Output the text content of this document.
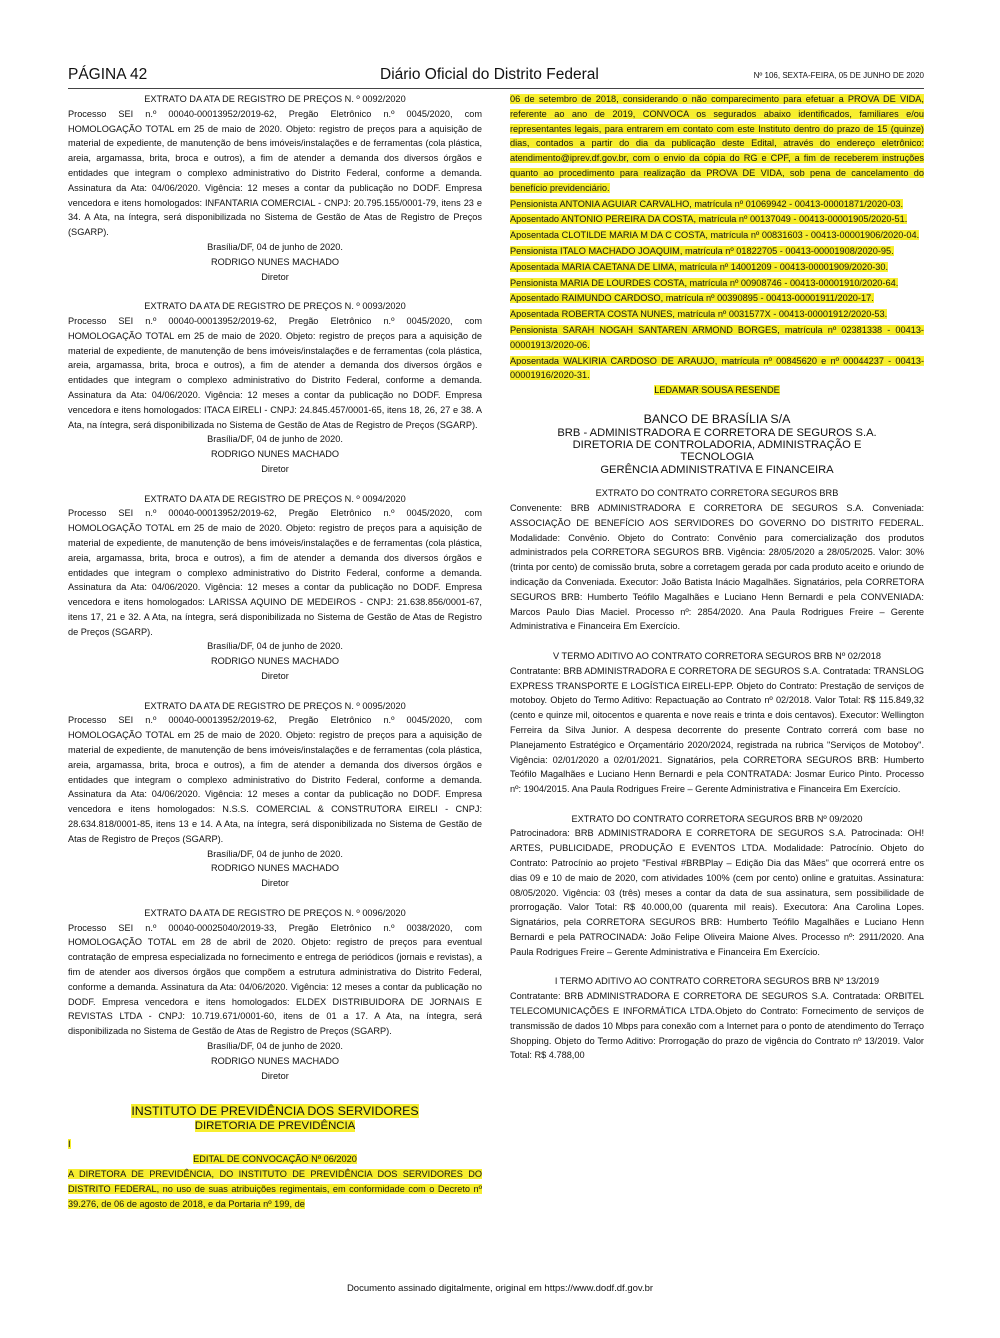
PÁGINA 42	Diário Oficial do Distrito Federal	Nº 106, SEXTA-FEIRA, 05 DE JUNHO DE 2020
EXTRATO DA ATA DE REGISTRO DE PREÇOS N. º 0092/2020
Processo SEI n.º 00040-00013952/2019-62, Pregão Eletrônico n.º 0045/2020, com HOMOLOGAÇÃO TOTAL em 25 de maio de 2020. Objeto: registro de preços para a aquisição de material de expediente, de manutenção de bens imóveis/instalações e de ferramentas (cola plástica, areia, argamassa, brita, broca e outros), a fim de atender a demanda dos diversos órgãos e entidades que integram o complexo administrativo do Distrito Federal, conforme a demanda. Assinatura da Ata: 04/06/2020. Vigência: 12 meses a contar da publicação no DODF. Empresa vencedora e itens homologados: INFANTARIA COMERCIAL - CNPJ: 20.795.155/0001-79, itens 23 e 34. A Ata, na íntegra, será disponibilizada no Sistema de Gestão de Atas de Registro de Preços (SGARP).
Brasília/DF, 04 de junho de 2020.
RODRIGO NUNES MACHADO
Diretor
EXTRATO DA ATA DE REGISTRO DE PREÇOS N. º 0093/2020
Processo SEI n.º 00040-00013952/2019-62, Pregão Eletrônico n.º 0045/2020, com HOMOLOGAÇÃO TOTAL em 25 de maio de 2020. Objeto: registro de preços para a aquisição de material de expediente, de manutenção de bens imóveis/instalações e de ferramentas (cola plástica, areia, argamassa, brita, broca e outros), a fim de atender a demanda dos diversos órgãos e entidades que integram o complexo administrativo do Distrito Federal, conforme a demanda. Assinatura da Ata: 04/06/2020. Vigência: 12 meses a contar da publicação no DODF. Empresa vencedora e itens homologados: ITACA EIRELI - CNPJ: 24.845.457/0001-65, itens 18, 26, 27 e 38. A Ata, na íntegra, será disponibilizada no Sistema de Gestão de Atas de Registro de Preços (SGARP).
Brasília/DF, 04 de junho de 2020.
RODRIGO NUNES MACHADO
Diretor
EXTRATO DA ATA DE REGISTRO DE PREÇOS N. º 0094/2020
Processo SEI n.º 00040-00013952/2019-62, Pregão Eletrônico n.º 0045/2020, com HOMOLOGAÇÃO TOTAL em 25 de maio de 2020. Objeto: registro de preços para a aquisição de material de expediente, de manutenção de bens imóveis/instalações e de ferramentas (cola plástica, areia, argamassa, brita, broca e outros), a fim de atender a demanda dos diversos órgãos e entidades que integram o complexo administrativo do Distrito Federal, conforme a demanda. Assinatura da Ata: 04/06/2020. Vigência: 12 meses a contar da publicação no DODF. Empresa vencedora e itens homologados: LARISSA AQUINO DE MEDEIROS - CNPJ: 21.638.856/0001-67, itens 17, 21 e 32. A Ata, na íntegra, será disponibilizada no Sistema de Gestão de Atas de Registro de Preços (SGARP).
Brasília/DF, 04 de junho de 2020.
RODRIGO NUNES MACHADO
Diretor
EXTRATO DA ATA DE REGISTRO DE PREÇOS N. º 0095/2020
Processo SEI n.º 00040-00013952/2019-62, Pregão Eletrônico n.º 0045/2020, com HOMOLOGAÇÃO TOTAL em 25 de maio de 2020. Objeto: registro de preços para a aquisição de material de expediente, de manutenção de bens imóveis/instalações e de ferramentas (cola plástica, areia, argamassa, brita, broca e outros), a fim de atender a demanda dos diversos órgãos e entidades que integram o complexo administrativo do Distrito Federal, conforme a demanda. Assinatura da Ata: 04/06/2020. Vigência: 12 meses a contar da publicação no DODF. Empresa vencedora e itens homologados: N.S.S. COMERCIAL & CONSTRUTORA EIRELI - CNPJ: 28.634.818/0001-85, itens 13 e 14. A Ata, na íntegra, será disponibilizada no Sistema de Gestão de Atas de Registro de Preços (SGARP).
Brasília/DF, 04 de junho de 2020.
RODRIGO NUNES MACHADO
Diretor
EXTRATO DA ATA DE REGISTRO DE PREÇOS N. º 0096/2020
Processo SEI n.º 00040-00025040/2019-33, Pregão Eletrônico n.º 0038/2020, com HOMOLOGAÇÃO TOTAL em 28 de abril de 2020. Objeto: registro de preços para eventual contratação de empresa especializada no fornecimento e entrega de periódicos (jornais e revistas), a fim de atender aos diversos órgãos que compõem a estrutura administrativa do Distrito Federal, conforme a demanda. Assinatura da Ata: 04/06/2020. Vigência: 12 meses a contar da publicação no DODF. Empresa vencedora e itens homologados: ELDEX DISTRIBUIDORA DE JORNAIS E REVISTAS LTDA - CNPJ: 10.719.671/0001-60, itens de 01 a 17. A Ata, na íntegra, será disponibilizada no Sistema de Gestão de Atas de Registro de Preços (SGARP).
Brasília/DF, 04 de junho de 2020.
RODRIGO NUNES MACHADO
Diretor
INSTITUTO DE PREVIDÊNCIA DOS SERVIDORES
DIRETORIA DE PREVIDÊNCIA
I
EDITAL DE CONVOCAÇÃO Nº 06/2020
A DIRETORA DE PREVIDÊNCIA, DO INSTITUTO DE PREVIDÊNCIA DOS SERVIDORES DO DISTRITO FEDERAL, no uso de suas atribuições regimentais, em conformidade com o Decreto nº 39.276, de 06 de agosto de 2018, e da Portaria nº 199, de
06 de setembro de 2018, considerando o não comparecimento para efetuar a PROVA DE VIDA, referente ao ano de 2019, CONVOCA os segurados abaixo identificados, familiares e/ou representantes legais, para entrarem em contato com este Instituto dentro do prazo de 15 (quinze) dias, contados a partir do dia da publicação deste Edital, através do endereço eletrônico: atendimento@iprev.df.gov.br, com o envio da cópia do RG e CPF, a fim de receberem instruções quanto ao procedimento para realização da PROVA DE VIDA, sob pena de cancelamento do benefício previdenciário.
Pensionista ANTONIA AGUIAR CARVALHO, matrícula nº 01069942 - 00413-00001871/2020-03.
Aposentado ANTONIO PEREIRA DA COSTA, matrícula nº 00137049 - 00413-00001905/2020-51.
Aposentada CLOTILDE MARIA M DA C COSTA, matrícula nº 00831603 - 00413-00001906/2020-04.
Pensionista ITALO MACHADO JOAQUIM, matrícula nº 01822705 - 00413-00001908/2020-95.
Aposentada MARIA CAETANA DE LIMA, matrícula nº 14001209 - 00413-00001909/2020-30.
Pensionista MARIA DE LOURDES COSTA, matrícula nº 00908746 - 00413-00001910/2020-64.
Aposentado RAIMUNDO CARDOSO, matrícula nº 00390895 - 00413-00001911/2020-17.
Aposentada ROBERTA COSTA NUNES, matrícula nº 0031577X - 00413-00001912/2020-53.
Pensionista SARAH NOGAH SANTAREN ARMOND BORGES, matrícula nº 02381338 - 00413-00001913/2020-06.
Aposentada WALKIRIA CARDOSO DE ARAUJO, matrícula nº 00845620 e nº 00044237 - 00413-00001916/2020-31.
LEDAMAR SOUSA RESENDE
BANCO DE BRASÍLIA S/A
BRB - ADMINISTRADORA E CORRETORA DE SEGUROS S.A.
DIRETORIA DE CONTROLADORIA, ADMINISTRAÇÃO E
TECNOLOGIA
GERÊNCIA ADMINISTRATIVA E FINANCEIRA
EXTRATO DO CONTRATO CORRETORA SEGUROS BRB
Convenente: BRB ADMINISTRADORA E CORRETORA DE SEGUROS S.A. Conveniada: ASSOCIAÇÃO DE BENEFÍCIO AOS SERVIDORES DO GOVERNO DO DISTRITO FEDERAL. Modalidade: Convênio. Objeto do Contrato: Convênio para comercialização dos produtos administrados pela CORRETORA SEGUROS BRB. Vigência: 28/05/2020 a 28/05/2025. Valor: 30% (trinta por cento) de comissão bruta, sobre a corretagem gerada por cada produto aceito e oriundo de indicação da Conveniada. Executor: João Batista Inácio Magalhães. Signatários, pela CORRETORA SEGUROS BRB: Humberto Teófilo Magalhães e Luciano Henn Bernardi e pela CONVENIADA: Marcos Paulo Dias Maciel. Processo nº: 2854/2020. Ana Paula Rodrigues Freire – Gerente Administrativa e Financeira Em Exercício.
V TERMO ADITIVO AO CONTRATO CORRETORA SEGUROS BRB Nº 02/2018
Contratante: BRB ADMINISTRADORA E CORRETORA DE SEGUROS S.A. Contratada: TRANSLOG EXPRESS TRANSPORTE E LOGÍSTICA EIRELI-EPP. Objeto do Contrato: Prestação de serviços de motoboy. Objeto do Termo Aditivo: Repactuação ao Contrato nº 02/2018. Valor Total: R$ 115.849,32 (cento e quinze mil, oitocentos e quarenta e nove reais e trinta e dois centavos). Executor: Wellington Ferreira da Silva Junior. A despesa decorrente do presente Contrato correrá com base no Planejamento Estratégico e Orçamentário 2020/2024, registrada na rubrica "Serviços de Motoboy". Vigência: 02/01/2020 a 02/01/2021. Signatários, pela CORRETORA SEGUROS BRB: Humberto Teófilo Magalhães e Luciano Henn Bernardi e pela CONTRATADA: Josmar Eurico Pinto. Processo nº: 1904/2015. Ana Paula Rodrigues Freire – Gerente Administrativa e Financeira Em Exercício.
EXTRATO DO CONTRATO CORRETORA SEGUROS BRB Nº 09/2020
Patrocinadora: BRB ADMINISTRADORA E CORRETORA DE SEGUROS S.A. Patrocinada: OH! ARTES, PUBLICIDADE, PRODUÇÃO E EVENTOS LTDA. Modalidade: Patrocínio. Objeto do Contrato: Patrocínio ao projeto "Festival #BRBPlay – Edição Dia das Mães" que ocorrerá entre os dias 09 e 10 de maio de 2020, com atividades 100% (cem por cento) online e gratuitas. Assinatura: 08/05/2020. Vigência: 03 (três) meses a contar da data de sua assinatura, sem possibilidade de prorrogação. Valor Total: R$ 40.000,00 (quarenta mil reais). Executora: Ana Carolina Lopes. Signatários, pela CORRETORA SEGUROS BRB: Humberto Teófilo Magalhães e Luciano Henn Bernardi e pela PATROCINADA: João Felipe Oliveira Maione Alves. Processo nº: 2911/2020. Ana Paula Rodrigues Freire – Gerente Administrativa e Financeira Em Exercício.
I TERMO ADITIVO AO CONTRATO CORRETORA SEGUROS BRB Nº 13/2019
Contratante: BRB ADMINISTRADORA E CORRETORA DE SEGUROS S.A. Contratada: ORBITEL TELECOMUNICAÇÕES E INFORMÁTICA LTDA.Objeto do Contrato: Fornecimento de serviços de transmissão de dados 10 Mbps para conexão com a Internet para o ponto de atendimento do Terraço Shopping. Objeto do Termo Aditivo: Prorrogação do prazo de vigência do Contrato nº 13/2019. Valor Total: R$ 4.788,00
Documento assinado digitalmente, original em https://www.dodf.df.gov.br
